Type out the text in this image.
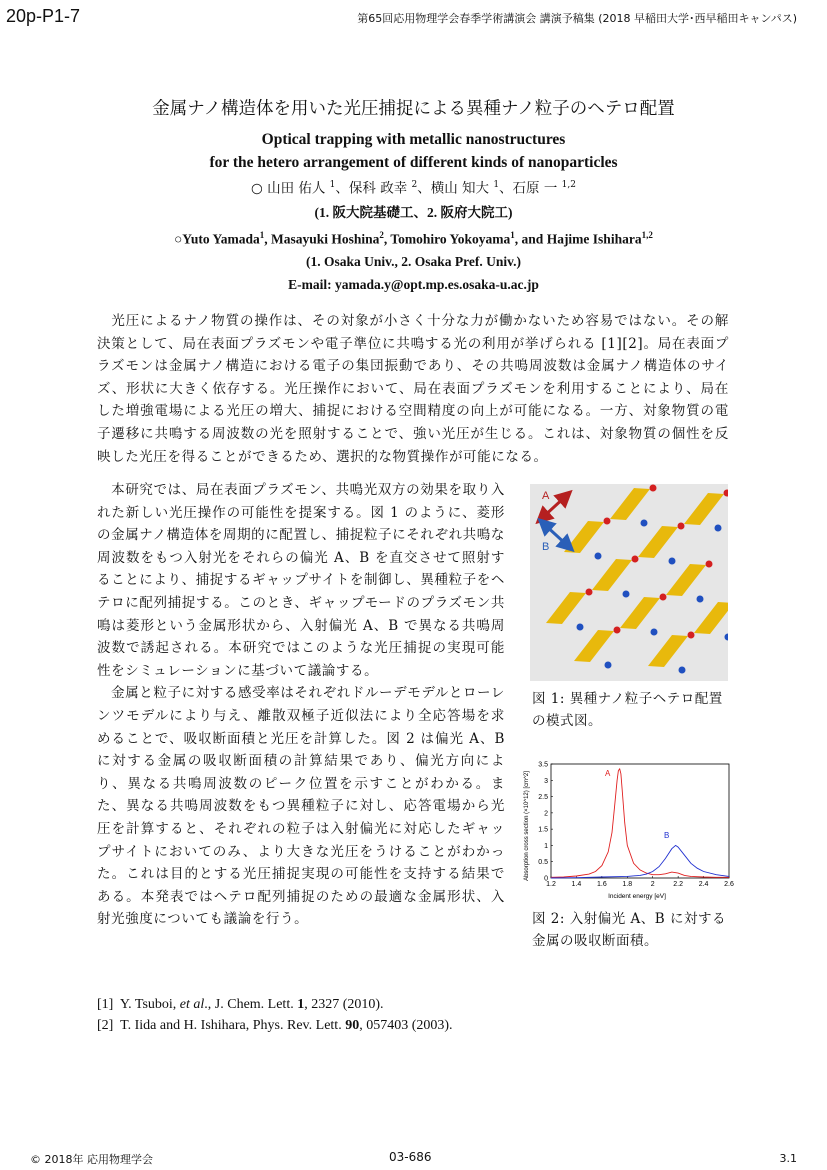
20p-P1-7	第65回応用物理学会春季学術講演会 講演予稿集 (2018 早稲田大学･西早稲田キャンパス)

金属ナノ構造体を用いた光圧捕捉による異種ナノ粒子のヘテロ配置

Optical trapping with metallic nanostructures

for the hetero arrangement of different kinds of nanoparticles

○ 山田 佑人 $^1$、保科 政幸 $^2$、横山 知大 $^1$、石原 一 $^{1,2}$

(1. 阪大院基礎工、2. 阪府大院工)

○Yuto Yamada$^1$, Masayuki Hoshina$^2$, Tomohiro Yokoyama$^1$, and Hajime Ishihara$^{1,2}$

(1. Osaka Univ., 2. Osaka Pref. Univ.)

E-mail: yamada.y@opt.mp.es.osaka-u.ac.jp

　光圧によるナノ物質の操作は、その対象が小さく十分な力が働かないため容易ではない。その解決策として、局在表面プラズモンや電子準位に共鳴する光の利用が挙げられる [1][2]。局在表面プラズモンは金属ナノ構造における電子の集団振動であり、その共鳴周波数は金属ナノ構造体のサイズ、形状に大きく依存する。光圧操作において、局在表面プラズモンを利用することにより、局在した増強電場による光圧の増大、捕捉における空間精度の向上が可能になる。一方、対象物質の電子遷移に共鳴する周波数の光を照射することで、強い光圧が生じる。これは、対象物質の個性を反映した光圧を得ることができるため、選択的な物質操作が可能になる。
　本研究では、局在表面プラズモン、共鳴光双方の効果を取り入れた新しい光圧操作の可能性を提案する。図 1 のように、菱形の金属ナノ構造体を周期的に配置し、捕捉粒子にそれぞれ共鳴な周波数をもつ入射光をそれらの偏光 A、B を直交させて照射することにより、捕捉するギャップサイトを制御し、異種粒子をヘテロに配列捕捉する。このとき、ギャップモードのプラズモン共鳴は菱形という金属形状から、入射偏光 A、B で異なる共鳴周波数で誘起される。本研究ではこのような光圧捕捉の実現可能性をシミュレーションに基づいて議論する。
　金属と粒子に対する感受率はそれぞれドルーデモデルとローレンツモデルにより与え、離散双極子近似法により全応答場を求めることで、吸収断面積と光圧を計算した。図 2 は偏光 A、B に対する金属の吸収断面積の計算結果であり、偏光方向により、異なる共鳴周波数のピーク位置を示すことがわかる。また、異なる共鳴周波数をもつ異種粒子に対し、応答電場から光圧を計算すると、それぞれの粒子は入射偏光に対応したギャップサイトにおいてのみ、より大きな光圧をうけることがわかった。これは目的とする光圧捕捉実現の可能性を支持する結果である。本発表ではヘテロ配列捕捉のための最適な金属形状、入射光強度についても議論を行う。
A
B
図 1: 異種ナノ粒子ヘテロ配置の模式図。
1.2 1.4 1.6 1.8	2	2.2 2.4 2.6
0
0.5
1
1.5
2
2.5
3
3.5
A
B
Incident energy [eV]
Absorption cross section (×10^12) [cm^2]
図 2: 入射偏光 A、B に対する金属の吸収断面積。
[1] Y. Tsuboi, et al., J. Chem. Lett. 1, 2327 (2010).
[2] T. Iida and H. Ishihara, Phys. Rev. Lett. 90, 057403 (2003).
© 2018年 応用物理学会	03-686	3.1
